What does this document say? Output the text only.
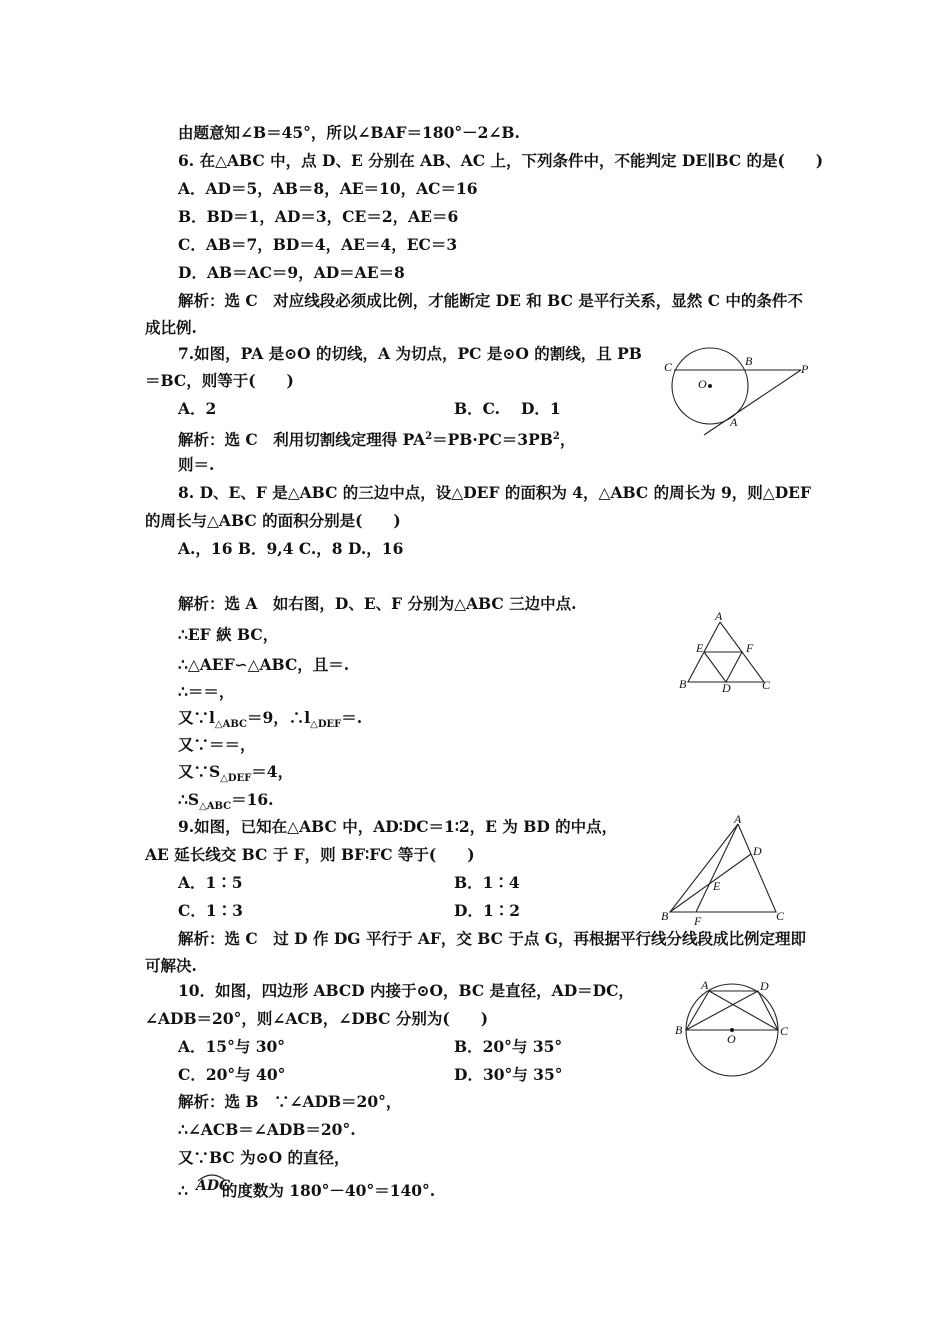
由题意知∠B＝45°，所以∠BAF＝180°－2∠B.
6. 在△ABC 中，点 D、E 分别在 AB、AC 上，下列条件中，不能判定 DE∥BC 的是(　　)
A．AD＝5，AB＝8，AE＝10，AC＝16
B．BD＝1，AD＝3，CE＝2，AE＝6
C．AB＝7，BD＝4，AE＝4，EC＝3
D．AB＝AC＝9，AD＝AE＝8
解析：选 C　对应线段必须成比例，才能断定 DE 和 BC 是平行关系，显然 C 中的条件不
成比例.
7.如图，PA 是⊙O 的切线，A 为切点，PC 是⊙O 的割线，且 PB
＝BC，则等于(　　)
A．2	B．C.　 D．1
解析：选 C　利用切割线定理得 $PA^2=PB\cdot PC=3PB^2$，
则＝.
C	B
P
O
A
8. D、E、F 是△ABC 的三边中点，设△DEF 的面积为 4，△ABC 的周长为 9，则△DEF
的周长与△ABC 的面积分别是(　　)
A.，16 B．9,4 C.，8 D.，16
解析：选 A　如右图，D、E、F 分别为△ABC 三边中点.
∴EF 綊 BC，
∴△AEF∽△ABC，且＝.
∴＝＝，
又$\because l_{\triangle ABC}=9$，$\therefore l_{\triangle DEF}=$.
又∵＝＝，
又$\because S_{\triangle DEF}=4$，
$\therefore S_{\triangle ABC}=16$.
A
E	F
B	D	C
9.如图，已知在△ABC 中，AD∶DC＝1∶2，E 为 BD 的中点，
AE 延长线交 BC 于 F，则 BF∶FC 等于(　　)
A．1∶5	B．1∶4
C．1∶3	D．1∶2
解析：选 C　过 D 作 DG 平行于 AF，交 BC 于点 G，再根据平行线分线段成比例定理即
可解决.
A
D
E
B F	C
10．如图，四边形 ABCD 内接于⊙O，BC 是直径，AD＝DC，
∠ADB＝20°，则∠ACB，∠DBC 分别为(　　)
A．15°与 30°	B．20°与 35°
C．20°与 40°	D．30°与 35°
解析：选 B　∵∠ADB＝20°，
∴∠ACB＝∠ADB＝20°.
又∵BC 为⊙O 的直径，
∴ 的度数为 180°－40°＝140°.
ADC
A	D
B	C
O
